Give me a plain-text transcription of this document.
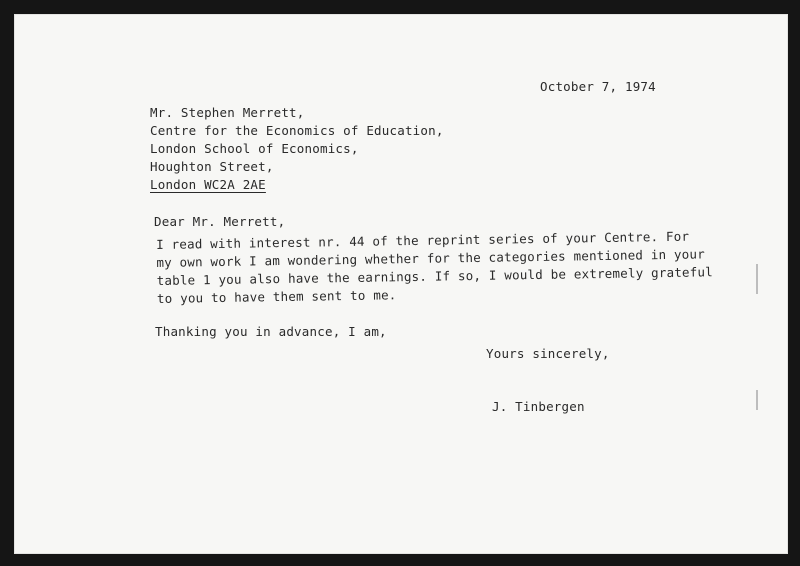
October 7, 1974
Mr. Stephen Merrett,
Centre for the Economics of Education,
London School of Economics,
Houghton Street,
London WC2A 2AE
Dear Mr. Merrett,
I read with interest nr. 44 of the reprint series of your Centre. For
my own work I am wondering whether for the categories mentioned in your
table 1 you also have the earnings. If so, I would be extremely grateful
to you to have them sent to me.
Thanking you in advance, I am,
Yours sincerely,
J. Tinbergen
